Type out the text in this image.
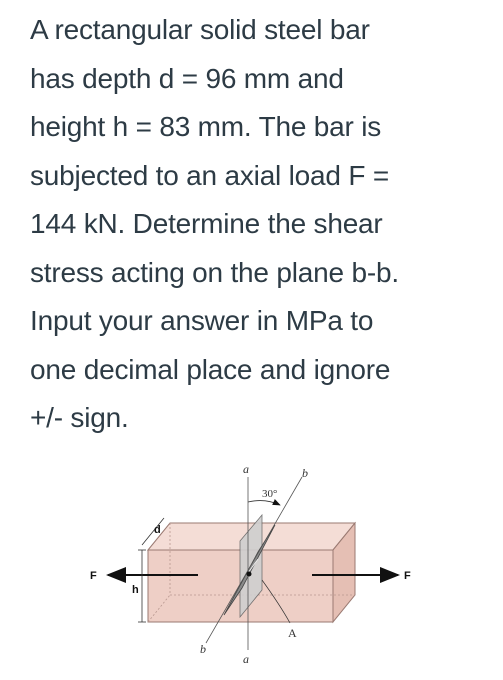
A rectangular solid steel bar
has depth d = 96 mm and
height h = 83 mm. The bar is
subjected to an axial load F =
144 kN. Determine the shear
stress acting on the plane b-b.
Input your answer in MPa to
one decimal place and ignore
+/- sign.
a	b
30°
d
h
F	F
A
b
a
